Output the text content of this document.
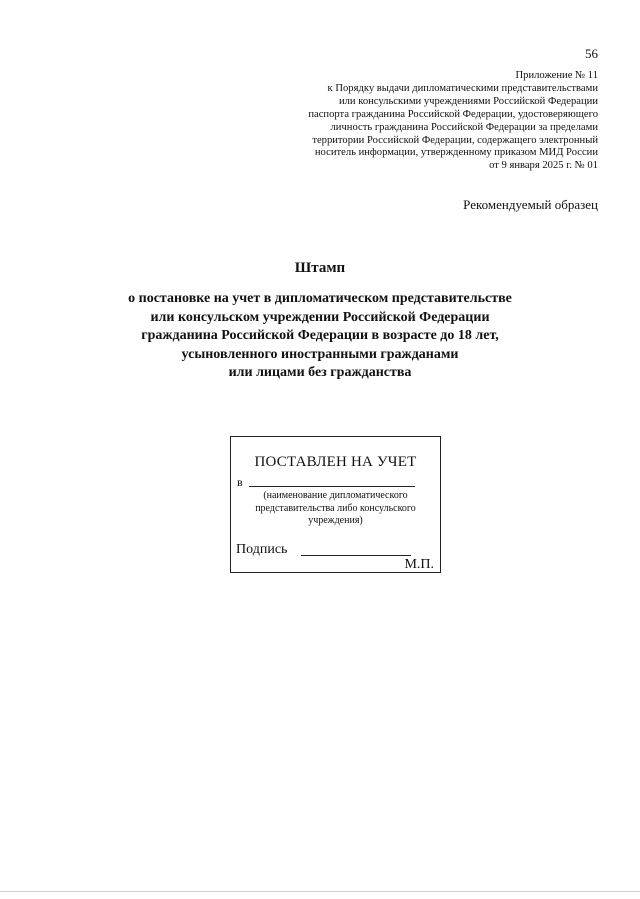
56
Приложение № 11
к Порядку выдачи дипломатическими представительствами
или консульскими учреждениями Российской Федерации
паспорта гражданина Российской Федерации, удостоверяющего
личность гражданина Российской Федерации за пределами
территории Российской Федерации, содержащего электронный
носитель информации, утвержденному приказом МИД России
от 9 января 2025 г. № 01
Рекомендуемый образец
Штамп
о постановке на учет в дипломатическом представительстве
или консульском учреждении Российской Федерации
гражданина Российской Федерации в возрасте до 18 лет,
усыновленного иностранными гражданами
или лицами без гражданства
ПОСТАВЛЕН НА УЧЕТ
в
(наименование дипломатического
представительства либо консульского
учреждения)
Подпись
М.П.
